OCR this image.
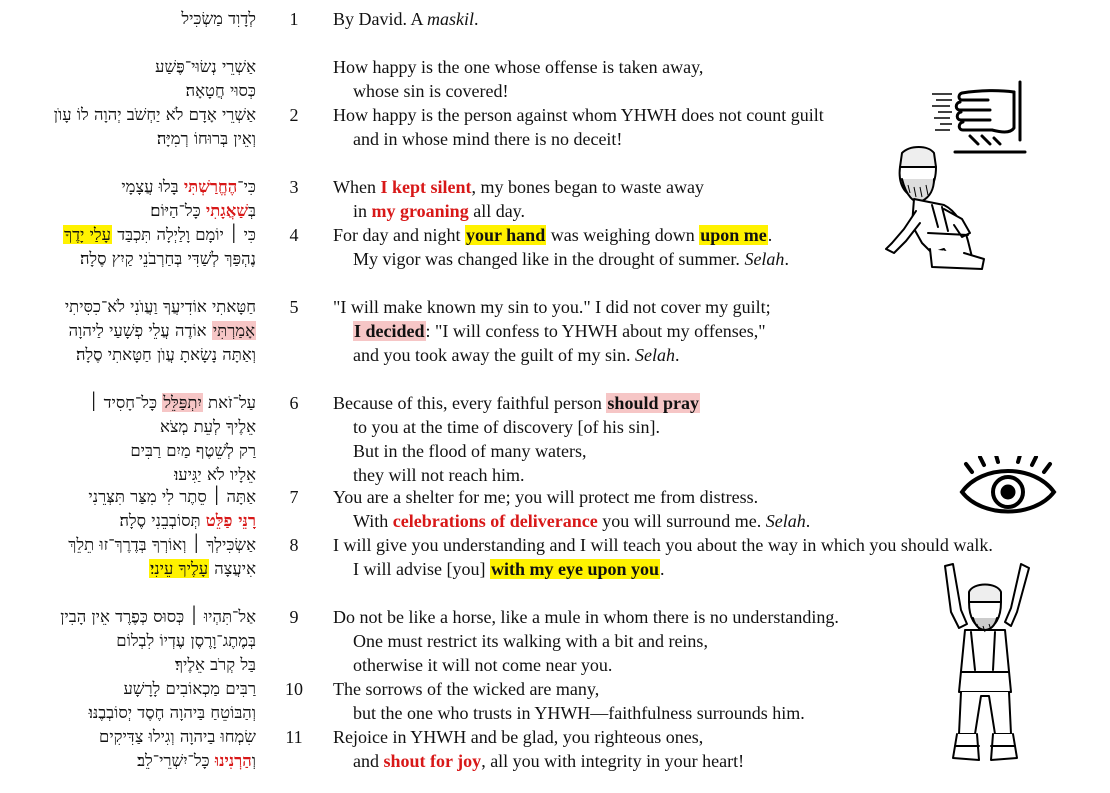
לְדָוִד מַשְׂכִּיל	1	By David. A maskil.
אַשְׁרֵי נְשׂוּי־פֶּשַׁע	How happy is the one whose offense is taken away,
כְּסוּי חֲטָאָה׃	whose sin is covered!
אַשְׁרֵי אָדָם לֹא יַחְשֹׁב יְהוָה לוֹ עָוֺן	2	How happy is the person against whom YHWH does not count guilt
וְאֵין בְּרוּחוֹ רְמִיָּה׃	and in whose mind there is no deceit!
כִּי־הֶחֱרַשְׁתִּי בָּלוּ עֲצָמָי	3	When I kept silent, my bones began to waste away
בְּשַׁאֲגָתִי כָּל־הַיּוֹם׃	in my groaning all day.
כִּי ׀ יוֹמָם וָלַיְלָה תִּכְבַּד עָלַי יָדֶךָ	4	For day and night your hand was weighing down upon me.
נֶהְפַּךְ לְשַׁדִּי בְּחַרְבֹנֵי קַיִץ סֶלָה׃	My vigor was changed like in the drought of summer. Selah.
חַטָּאתִי אוֹדִיעֲךָ וַעֲוֺנִי לֹא־כִסִּיתִי	5	"I will make known my sin to you." I did not cover my guilt;
אָמַרְתִּי אוֹדֶה עֲלֵי פְשָׁעַי לַיהוָה	I decided: "I will confess to YHWH about my offenses,"
וְאַתָּה נָשָׂאתָ עֲוֺן חַטָּאתִי סֶלָה׃	and you took away the guilt of my sin. Selah.
עַל־זֹאת יִתְפַּלֵּל כָּל־חָסִיד ׀	6	Because of this, every faithful person should pray
אֵלֶיךָ לְעֵת מְצֹא	to you at the time of discovery [of his sin].
רַק לְשֵׁטֶף מַיִם רַבִּים	But in the flood of many waters,
אֵלָיו לֹא יַגִּיעוּ׃	they will not reach him.
אַתָּה ׀ סֵתֶר לִי מִצַּר תִּצְּרֵנִי	7	You are a shelter for me; you will protect me from distress.
רָנֵּי פַלֵּט תְּסוֹבְבֵנִי סֶלָה׃	With celebrations of deliverance you will surround me. Selah.
אַשְׂכִּילְךָ ׀ וְאוֹרְךָ בְּדֶרֶךְ־זוּ תֵלֵךְ	8	I will give you understanding and I will teach you about the way in which you should walk.
אִיעֲצָה עָלֶיךָ עֵינִי׃	I will advise [you] with my eye upon you.
אַל־תִּהְיוּ ׀ כְּסוּס כְּפֶרֶד אֵין הָבִין	9	Do not be like a horse, like a mule in whom there is no understanding.
בְּמֶתֶג־וָרֶסֶן עֶדְיוֹ לִבְלוֹם	One must restrict its walking with a bit and reins,
בַּל קְרֹב אֵלֶיךָ׃	otherwise it will not come near you.
רַבִּים מַכְאוֹבִים לָרָשָׁע 10 The sorrows of the wicked are many,
וְהַבּוֹטֵחַ בַּיהוָה חֶסֶד יְסוֹבְבֶנּוּ׃	but the one who trusts in YHWH—faithfulness surrounds him.
שִׂמְחוּ בַיהוָה וְגִילוּ צַדִּיקִים 11 Rejoice in YHWH and be glad, you righteous ones,
וְהַרְנִינוּ כָּל־יִשְׁרֵי־לֵב׃	and shout for joy, all you with integrity in your heart!
